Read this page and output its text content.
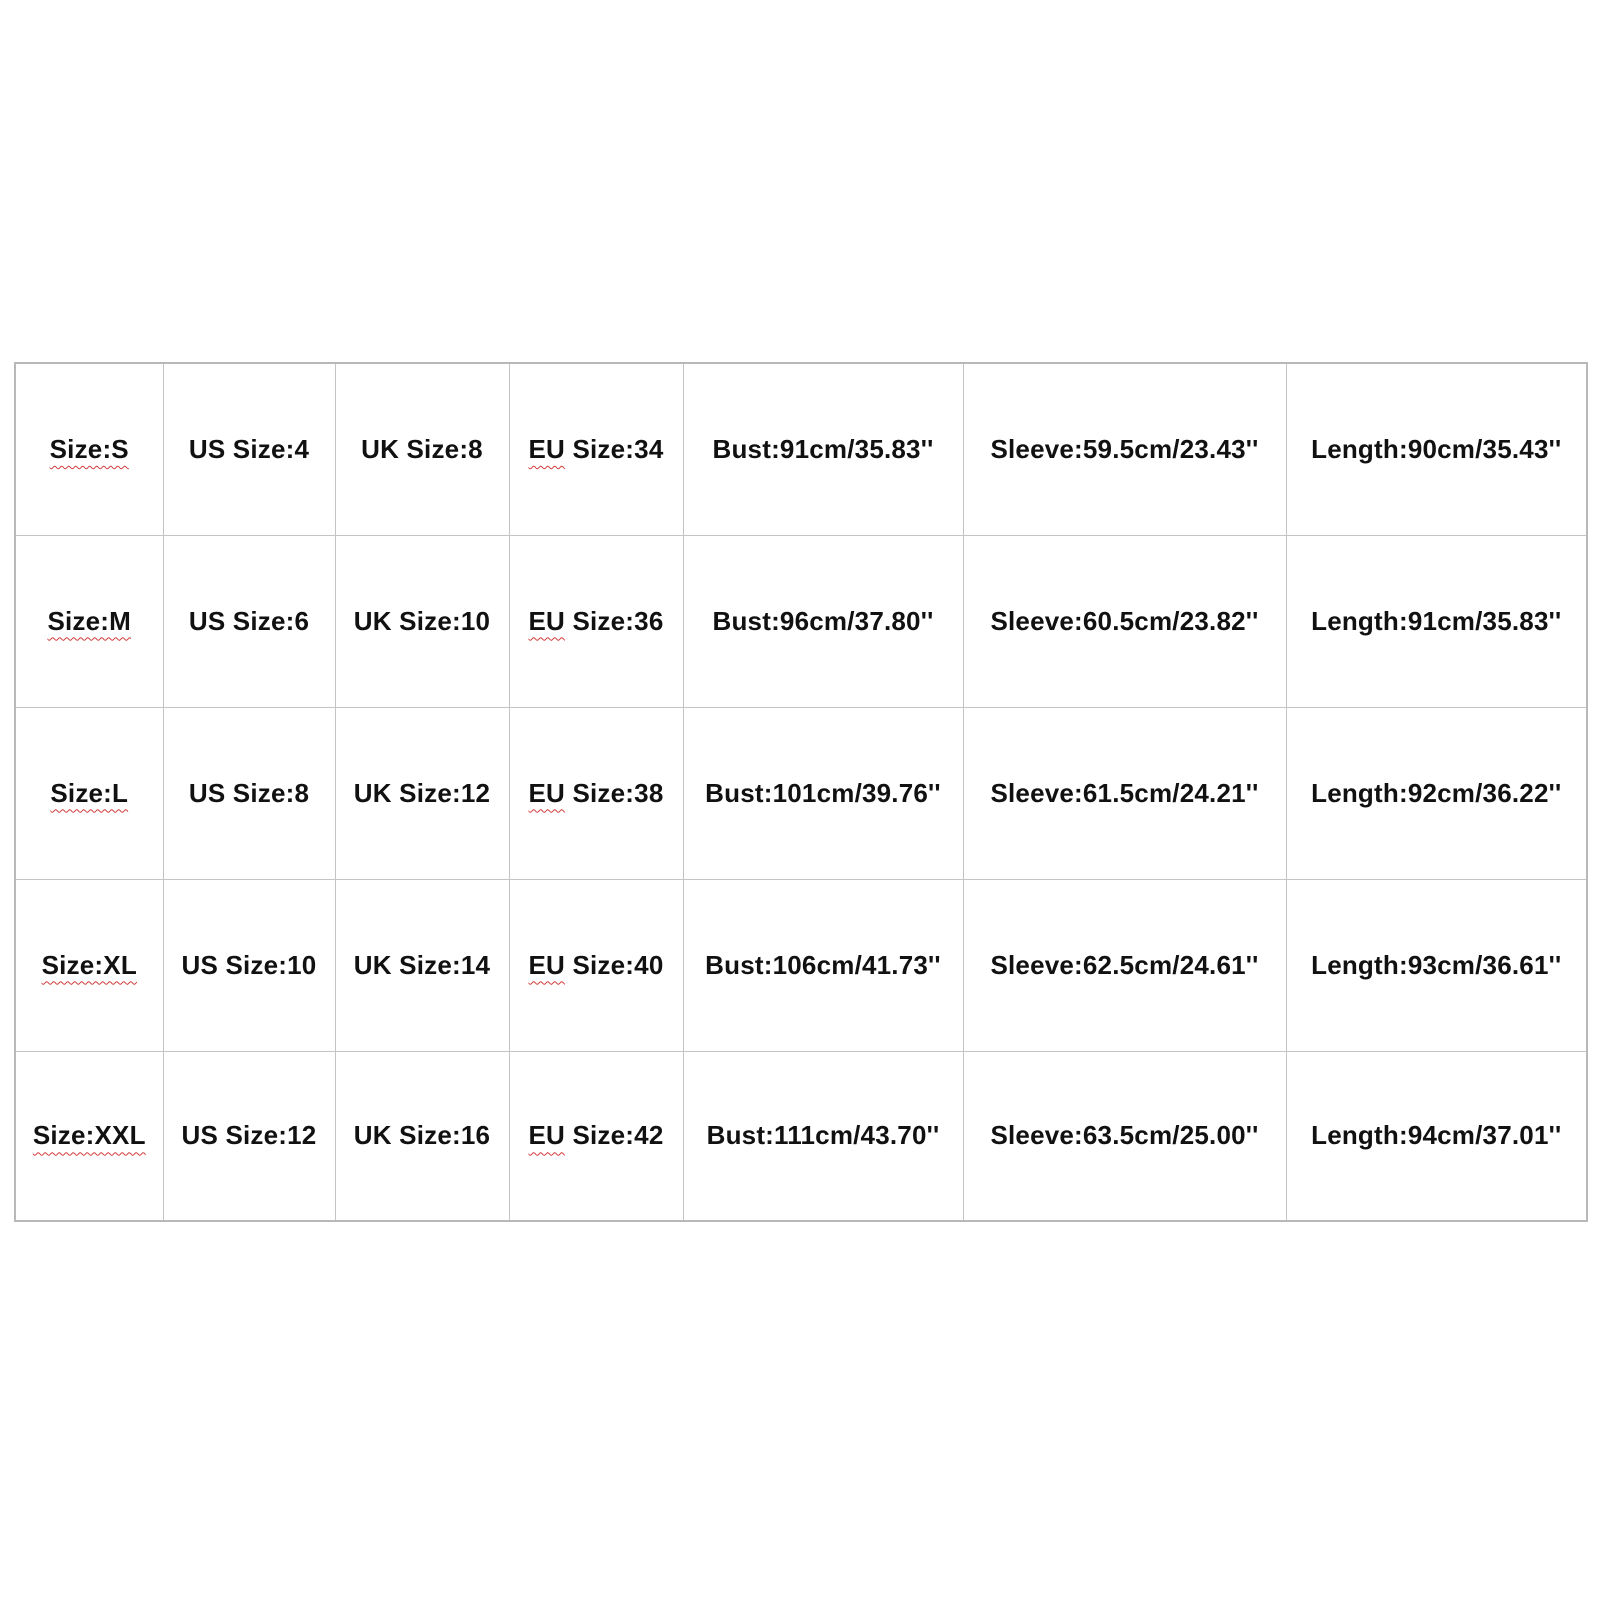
Size:S	US Size:4	UK Size:8	EU Size:34	Bust:91cm/35.83''	Sleeve:59.5cm/23.43''	Length:90cm/35.43''
Size:M	US Size:6	UK Size:10	EU Size:36	Bust:96cm/37.80''	Sleeve:60.5cm/23.82''	Length:91cm/35.83''
Size:L	US Size:8	UK Size:12	EU Size:38	Bust:101cm/39.76''	Sleeve:61.5cm/24.21''	Length:92cm/36.22''
Size:XL	US Size:10	UK Size:14	EU Size:40	Bust:106cm/41.73''	Sleeve:62.5cm/24.61''	Length:93cm/36.61''
Size:XXL	US Size:12	UK Size:16	EU Size:42	Bust:111cm/43.70''	Sleeve:63.5cm/25.00''	Length:94cm/37.01''
